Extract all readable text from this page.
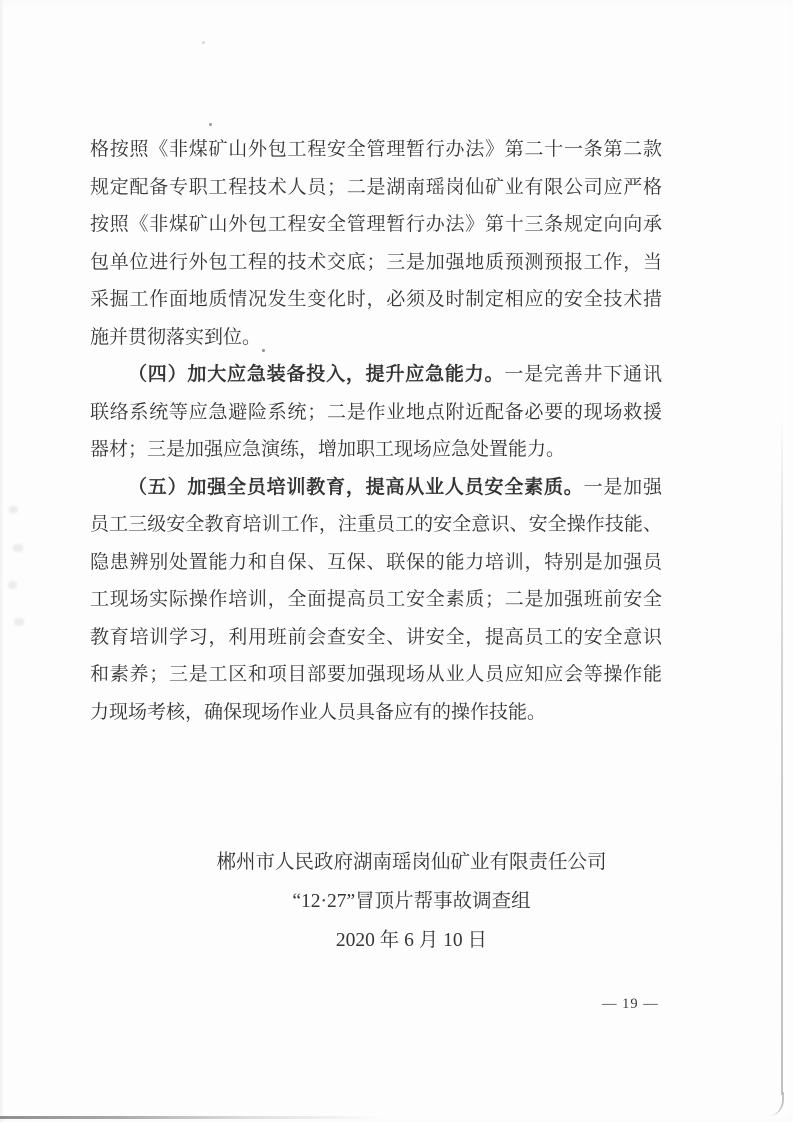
格按照《非煤矿山外包工程安全管理暂行办法》第二十一条第二款
规定配备专职工程技术人员；二是湖南瑶岗仙矿业有限公司应严格
按照《非煤矿山外包工程安全管理暂行办法》第十三条规定向向承
包单位进行外包工程的技术交底；三是加强地质预测预报工作，当
采掘工作面地质情况发生变化时，必须及时制定相应的安全技术措
施并贯彻落实到位。
（四）加大应急装备投入，提升应急能力。一是完善井下通讯
联络系统等应急避险系统；二是作业地点附近配备必要的现场救援
器材；三是加强应急演练，增加职工现场应急处置能力。
（五）加强全员培训教育，提高从业人员安全素质。一是加强
员工三级安全教育培训工作，注重员工的安全意识、安全操作技能、
隐患辨别处置能力和自保、互保、联保的能力培训，特别是加强员
工现场实际操作培训，全面提高员工安全素质；二是加强班前安全
教育培训学习，利用班前会查安全、讲安全，提高员工的安全意识
和素养；三是工区和项目部要加强现场从业人员应知应会等操作能
力现场考核，确保现场作业人员具备应有的操作技能。
郴州市人民政府湖南瑶岗仙矿业有限责任公司
“12·27”冒顶片帮事故调查组
2020 年 6 月 10 日
— 19 —
